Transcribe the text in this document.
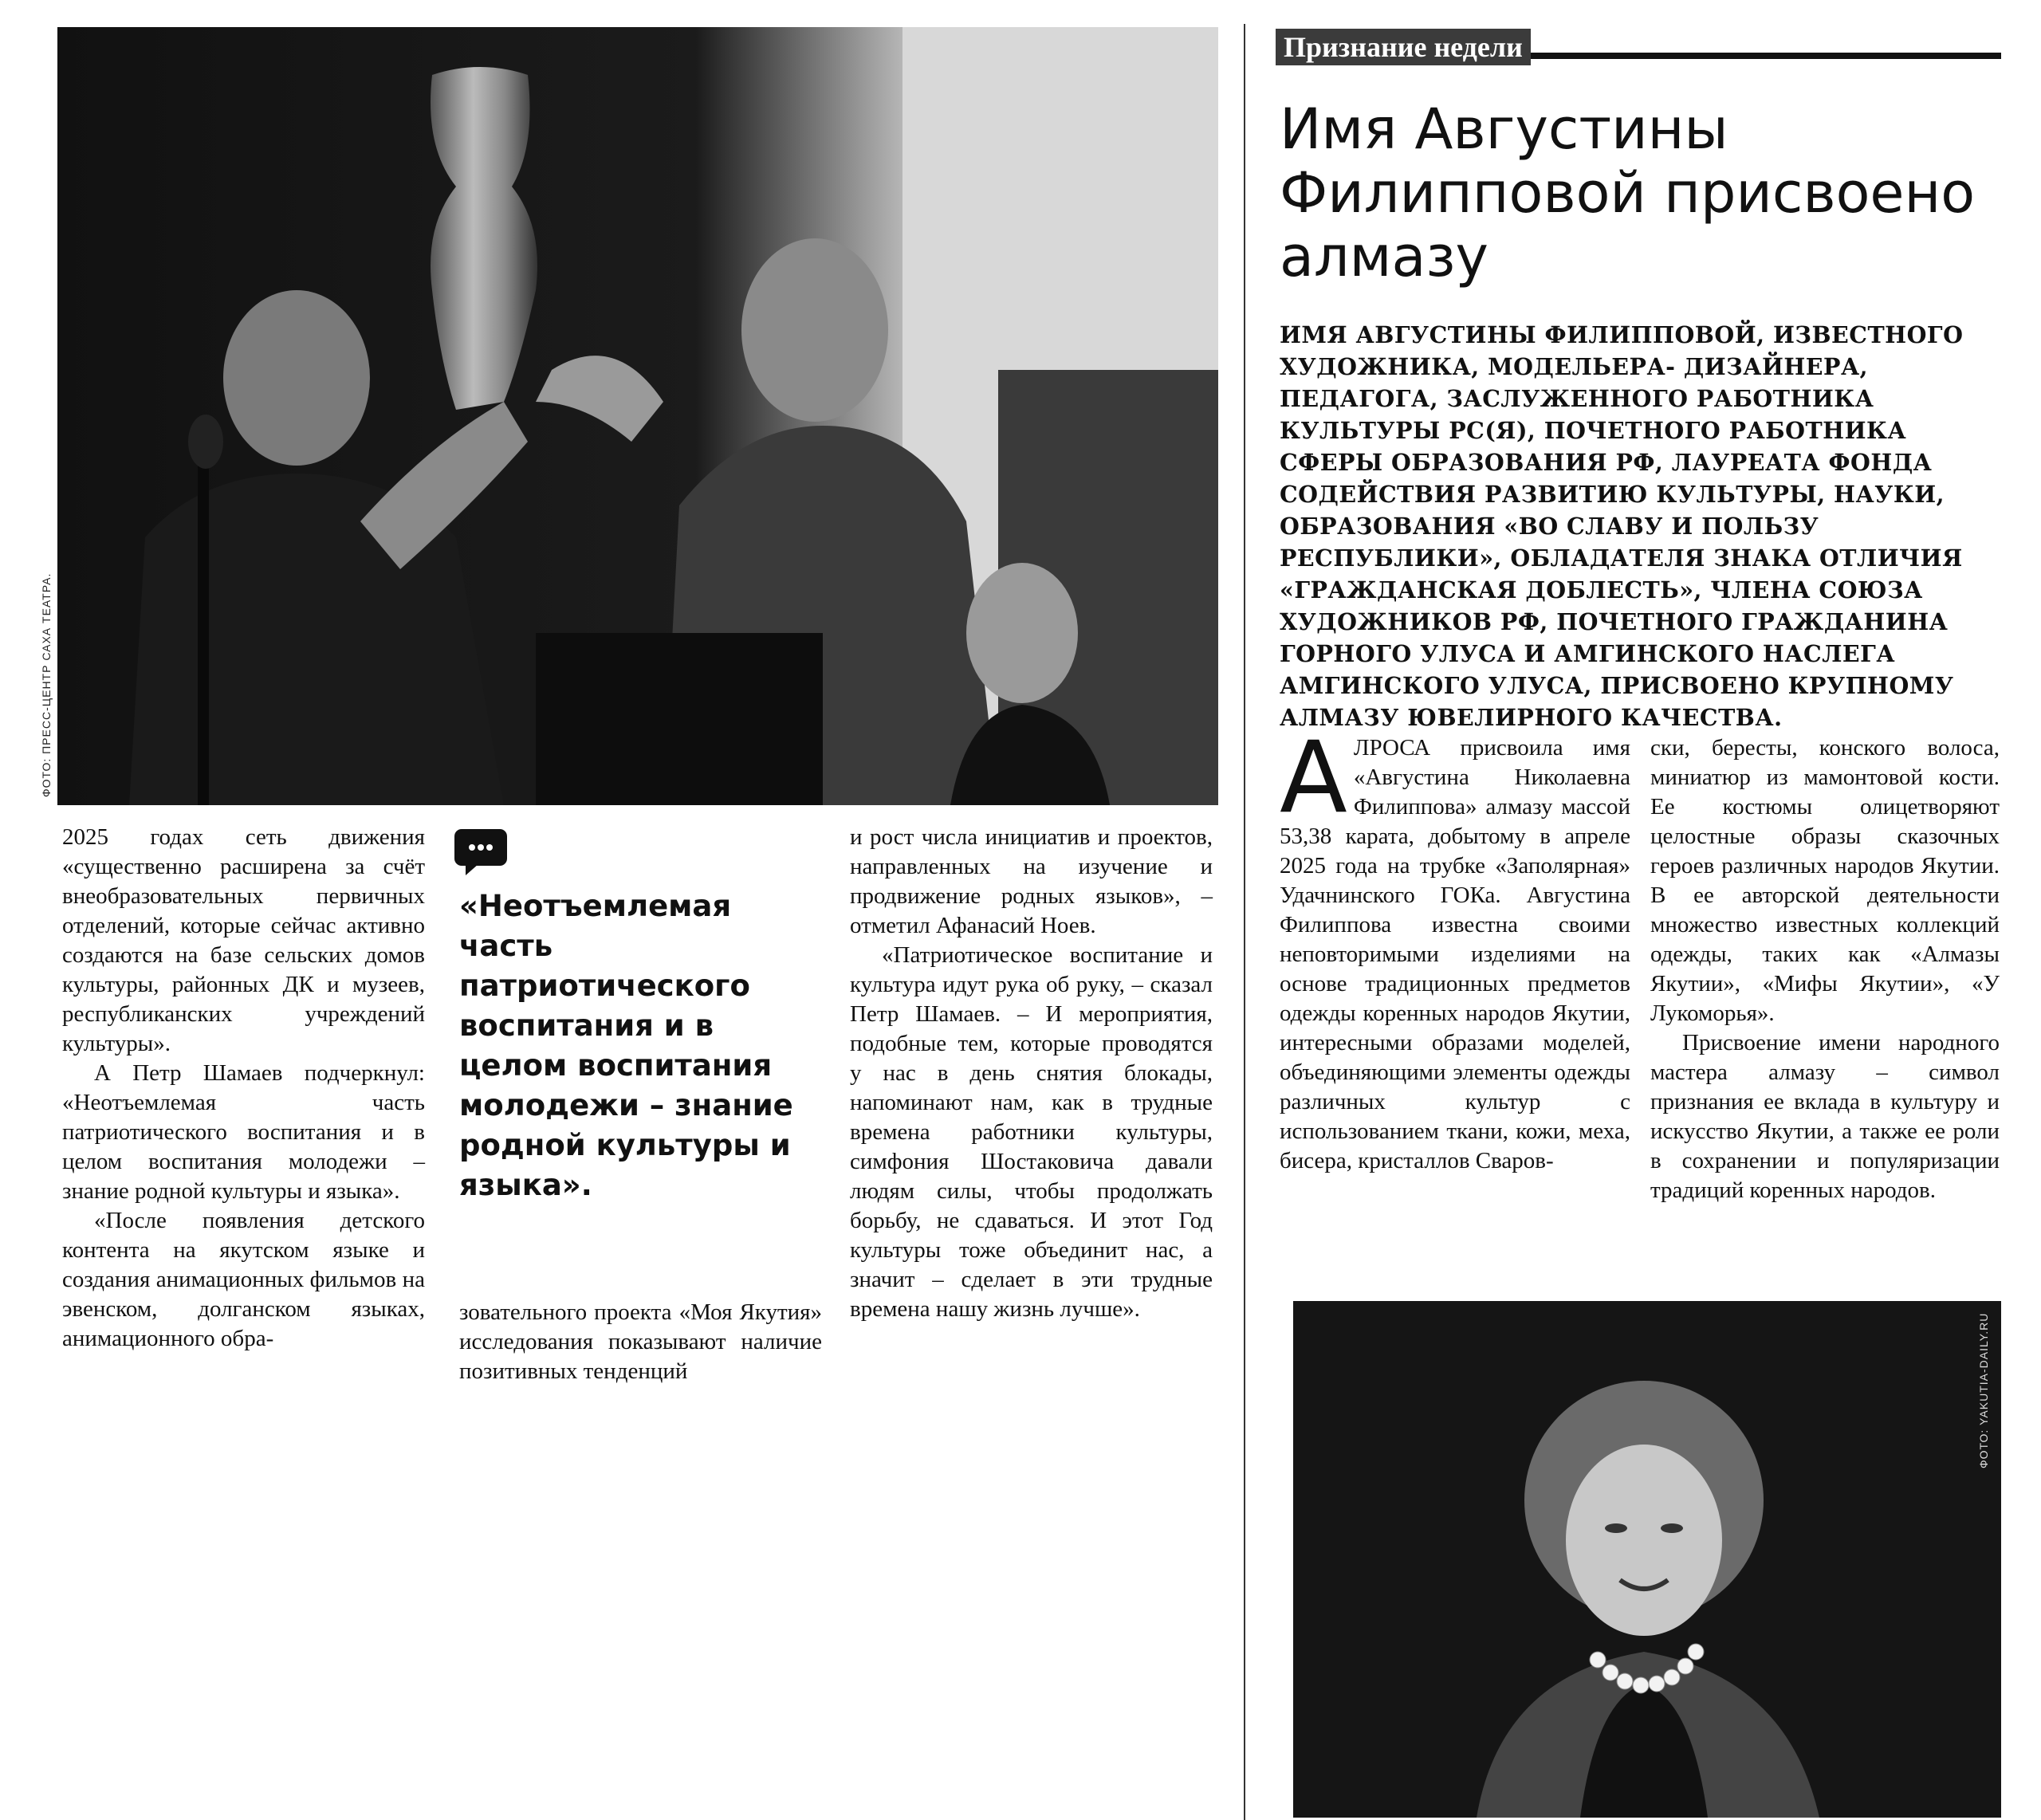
ФОТО: ПРЕСС-ЦЕНТР САХА ТЕАТРА.

2025 годах сеть движения «существенно расширена за счёт внеобразовательных первичных отделений, которые сейчас активно создаются на базе сельских домов культуры, районных ДК и музеев, республиканских учреждений культуры».

А Петр Шамаев подчеркнул: «Неотъемлемая часть патриотического воспитания и в целом воспитания молодежи – знание родной культуры и языка».

«После появления детского контента на якутском языке и создания анимационных фильмов на эвенском, долганском языках, анимационного обра-

«Неотъемлемая часть патриотического воспитания и в целом воспитания молодежи – знание родной культуры и языка».

зовательного проекта «Моя Якутия» исследования показывают наличие позитивных тенденций

и рост числа инициатив и проектов, направленных на изучение и продвижение родных языков», – отметил Афанасий Ноев.

«Патриотическое воспитание и культура идут рука об руку, – сказал Петр Шамаев. – И мероприятия, подобные тем, которые проводятся у нас в день снятия блокады, напоминают нам, как в трудные времена работники культуры, симфония Шостаковича давали людям силы, чтобы продолжать борьбу, не сдаваться. И этот Год культуры тоже объединит нас, а значит – сделает в эти трудные времена нашу жизнь лучше».

Признание недели
Имя Августины Филипповой присвоено алмазу
ИМЯ АВГУСТИНЫ ФИЛИППОВОЙ, ИЗВЕСТНОГО ХУДОЖНИКА, МОДЕЛЬЕРА- ДИЗАЙНЕРА, ПЕДАГОГА, ЗАСЛУЖЕННОГО РАБОТНИКА КУЛЬТУРЫ РС(Я), ПОЧЕТНОГО РАБОТНИКА СФЕРЫ ОБРАЗОВАНИЯ РФ, ЛАУРЕАТА ФОНДА СОДЕЙСТВИЯ РАЗВИТИЮ КУЛЬТУРЫ, НАУКИ, ОБРАЗОВАНИЯ «ВО СЛАВУ И ПОЛЬЗУ РЕСПУБЛИКИ», ОБЛАДАТЕЛЯ ЗНАКА ОТЛИЧИЯ «ГРАЖДАНСКАЯ ДОБЛЕСТЬ», ЧЛЕНА СОЮЗА ХУДОЖНИКОВ РФ, ПОЧЕТНОГО ГРАЖДАНИНА ГОРНОГО УЛУСА И АМГИНСКОГО НАСЛЕГА АМГИНСКОГО УЛУСА, ПРИСВОЕНО КРУПНОМУ АЛМАЗУ ЮВЕЛИРНОГО КАЧЕСТВА.
А ЛРОСА присвоила имя «Августина Николаевна Филиппова» алмазу массой 53,38 карата, добытому в апреле 2025 года на трубке «Заполярная» Удачнинского ГОКа. Августина Филиппова известна своими неповторимыми изделиями на основе традиционных предметов одежды коренных народов Якутии, интересными образами моделей, объединяющими элементы одежды различных культур с использованием ткани, кожи, меха, бисера, кристаллов Сваров-

ски, бересты, конского волоса, миниатюр из мамонтовой кости. Ее костюмы олицетворяют целостные образы сказочных героев различных народов Якутии. В ее авторской деятельности множество известных коллекций одежды, таких как «Алмазы Якутии», «Мифы Якутии», «У Лукоморья».

Присвоение имени народного мастера алмазу – символ признания ее вклада в культуру и искусство Якутии, а также ее роли в сохранении и популяризации традиций коренных народов.

ФОТО: YAKUTIA-DAILY.RU
